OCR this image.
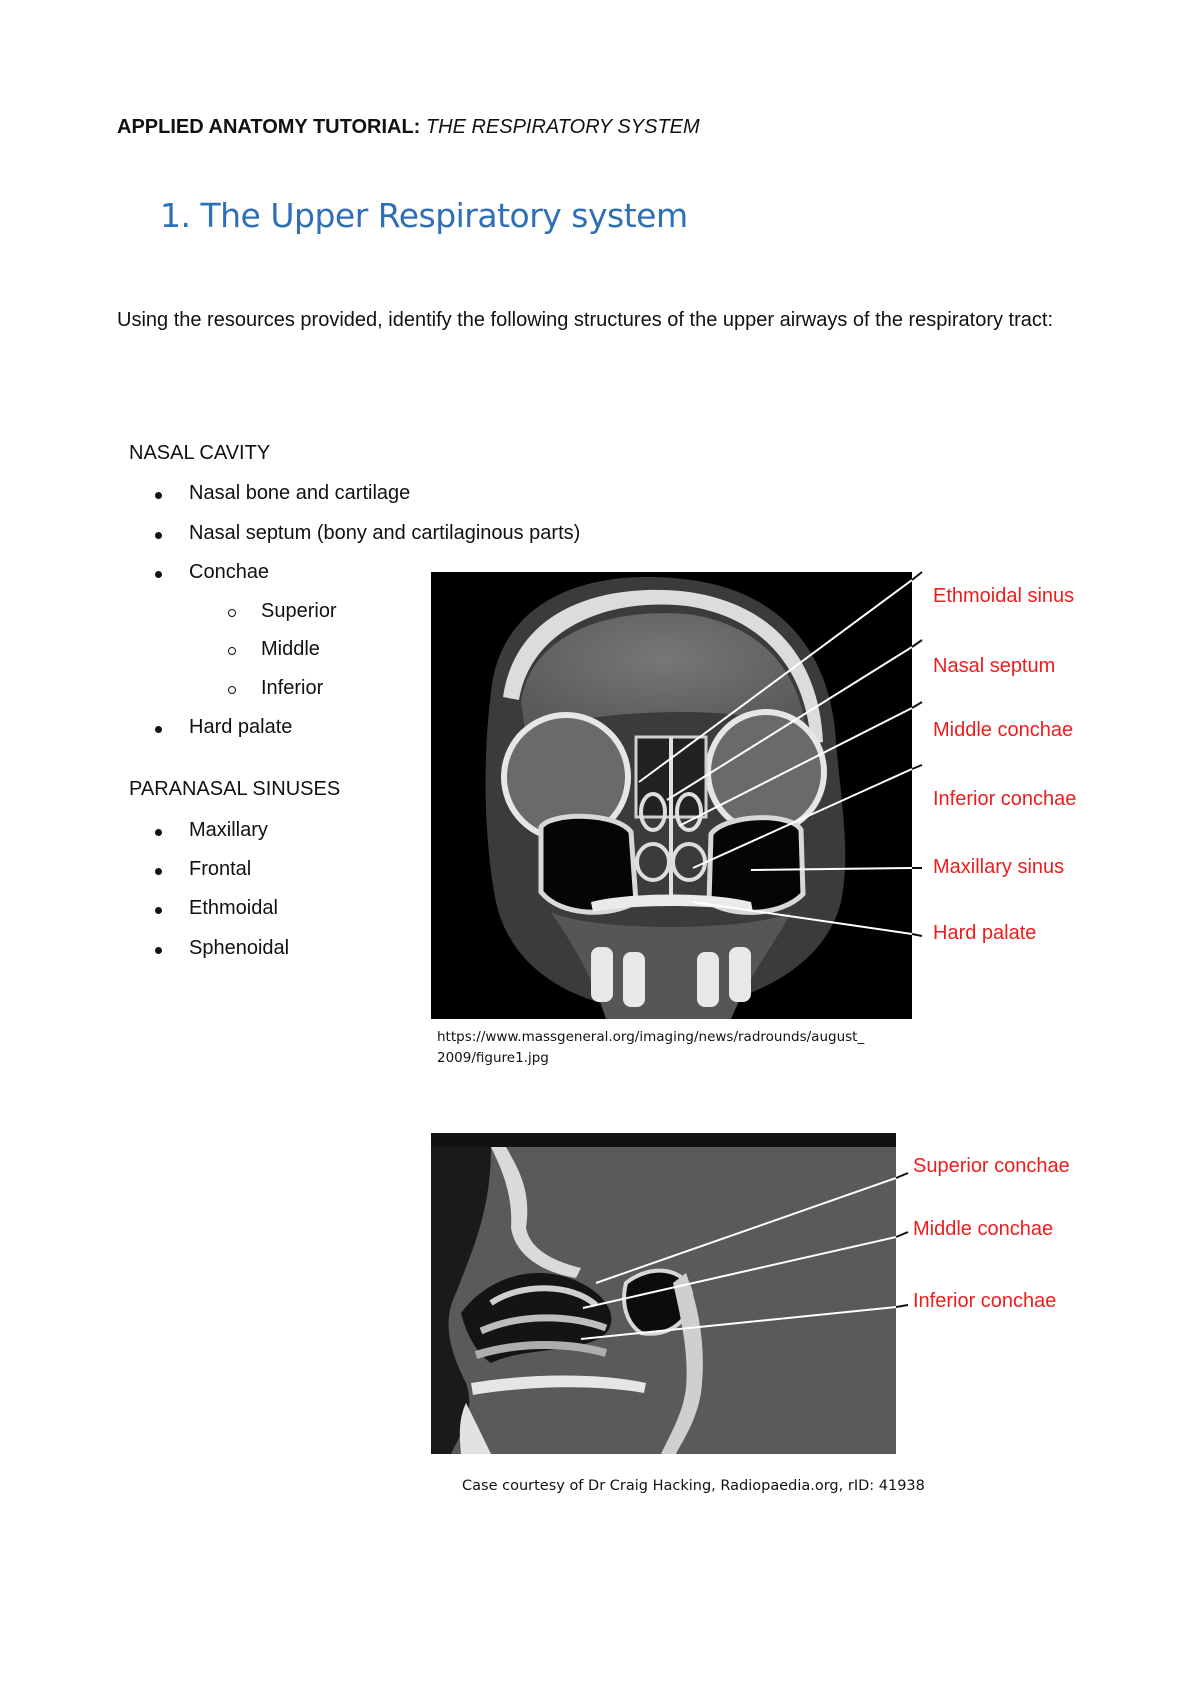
APPLIED ANATOMY TUTORIAL: THE RESPIRATORY SYSTEM
1. The Upper Respiratory system
Using the resources provided, identify the following structures of the upper airways of the respiratory tract:
NASAL CAVITY
Nasal bone and cartilage
Nasal septum (bony and cartilaginous parts)
Conchae
Superior
Middle
Inferior
Hard palate
PARANASAL SINUSES
Maxillary
Frontal
Ethmoidal
Sphenoidal
Ethmoidal sinus
Nasal septum
Middle conchae
Inferior conchae
Maxillary sinus
Hard palate
https://www.massgeneral.org/imaging/news/radrounds/august_
2009/figure1.jpg
Superior conchae
Middle conchae
Inferior conchae
Case courtesy of Dr Craig Hacking, Radiopaedia.org, rID: 41938
